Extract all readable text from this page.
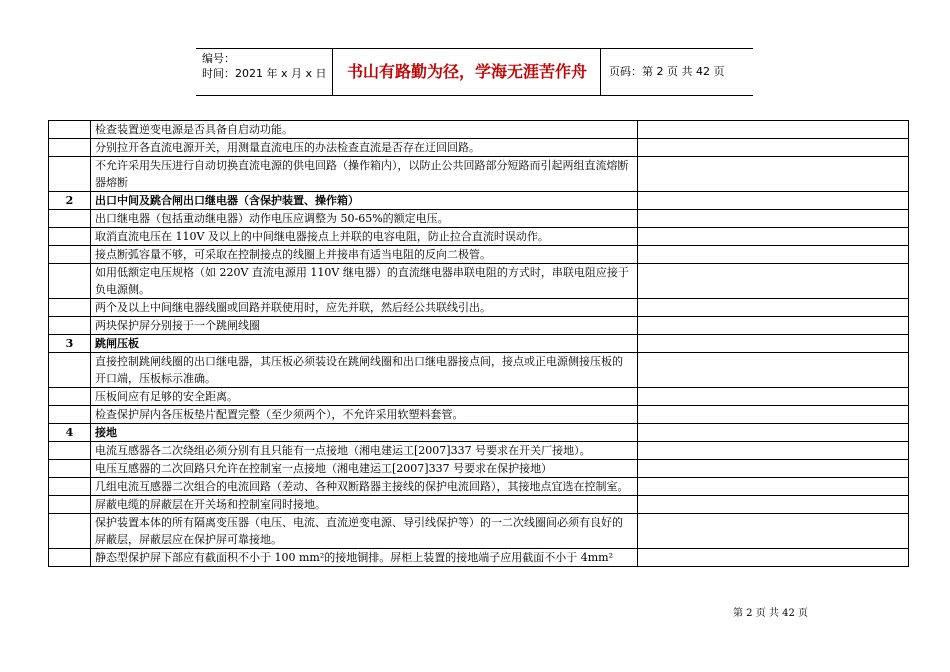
编号：
时间：2021 年 x 月 x 日	书山有路勤为径，学海无涯苦作舟	页码：第 2 页 共 42 页
	检查装置逆变电源是否具备自启动功能。	
	分别拉开各直流电源开关，用测量直流电压的办法检查直流是否存在迂回回路。	
	不允许采用失压进行自动切换直流电源的供电回路（操作箱内），以防止公共回路部分短路而引起两组直流熔断器熔断	
2	出口中间及跳合闸出口继电器（含保护装置、操作箱）	
	出口继电器（包括重动继电器）动作电压应调整为 50-65%的额定电压。	
	取消直流电压在 110V 及以上的中间继电器接点上并联的电容电阻，防止拉合直流时误动作。	
	接点断弧容量不够，可采取在控制接点的线圈上并接串有适当电阻的反向二极管。	
	如用低额定电压规格（如 220V 直流电源用 110V 继电器）的直流继电器串联电阻的方式时，串联电阻应接于负电源侧。	
	两个及以上中间继电器线圈或回路并联使用时，应先并联，然后经公共联线引出。	
	两块保护屏分别接于一个跳闸线圈	
3	跳闸压板	
	直接控制跳闸线圈的出口继电器，其压板必须装设在跳闸线圈和出口继电器接点间，接点或正电源侧接压板的开口端，压板标示准确。	
	压板间应有足够的安全距离。	
	检查保护屏内各压板垫片配置完整（至少须两个），不允许采用软塑料套管。	
4	接地	
	电流互感器各二次绕组必须分别有且只能有一点接地（湘电建运工[2007]337 号要求在开关厂接地）。	
	电压互感器的二次回路只允许在控制室一点接地（湘电建运工[2007]337 号要求在保护接地）	
	几组电流互感器二次组合的电流回路（差动、各种双断路器主接线的保护电流回路），其接地点宜选在控制室。	
	屏蔽电缆的屏蔽层在开关场和控制室同时接地。	
	保护装置本体的所有隔离变压器（电压、电流、直流逆变电源、导引线保护等）的一二次线圈间必须有良好的屏蔽层，屏蔽层应在保护屏可靠接地。	
	静态型保护屏下部应有截面积不小于 100 mm²的接地铜排。屏柜上装置的接地端子应用截面不小于 4mm²	
第 2 页 共 42 页
